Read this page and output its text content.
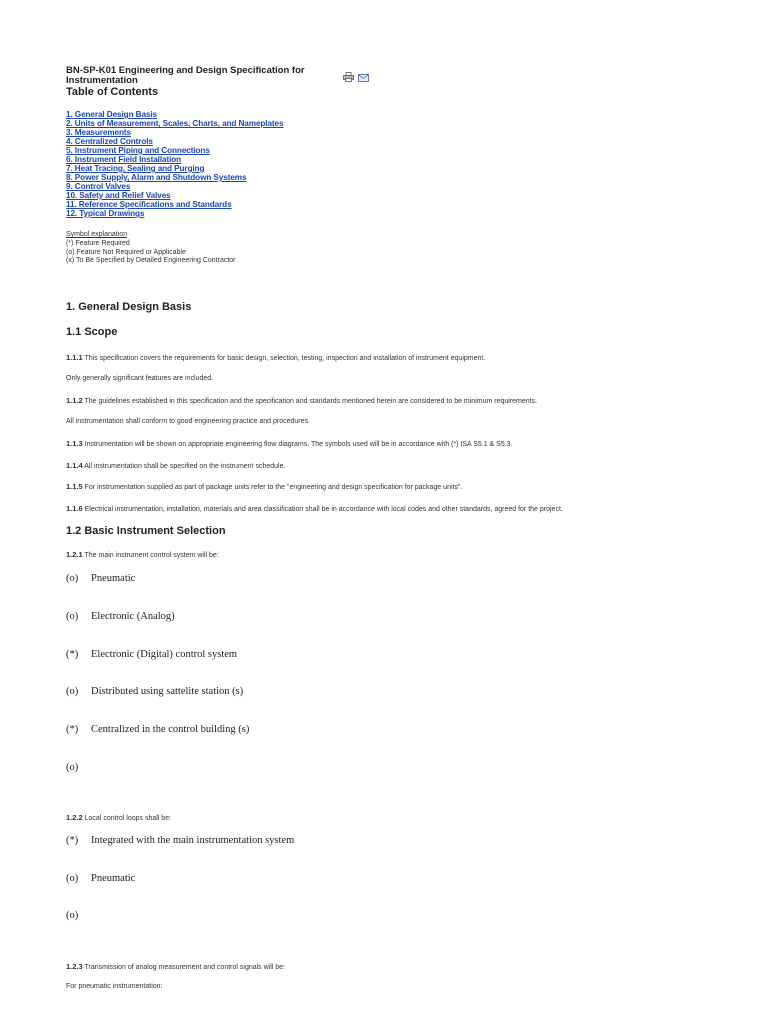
BN-SP-K01 Engineering and Design Specification for Instrumentation

Table of Contents
1. General Design Basis
2. Units of Measurement, Scales, Charts, and Nameplates
3. Measurements
4. Centralized Controls
5. Instrument Piping and Connections
6. Instrument Field Installation
7. Heat Tracing, Sealing and Purging
8. Power Supply, Alarm and Shutdown Systems
9. Control Valves
10. Safety and Relief Valves
11. Reference Specifications and Standards
12. Typical Drawings
Symbol explanation
(*) Feature Required
(o) Feature Not Required or Applicable
(x) To Be Specified by Detailed Engineering Contractor
1. General Design Basis
1.1 Scope
1.1.1 This specification covers the requirements for basic design, selection, testing, inspection and installation of instrument equipment.
Only generally significant features are included.
1.1.2 The guidelines established in this specification and the specification and standards mentioned herein are considered to be minimum requirements.
All instrumentation shall conform to good engineering practice and procedures.
1.1.3 Instrumentation will be shown on appropriate engineering flow diagrams. The symbols used will be in accordance with (*) ISA S5.1 & S5.3.
1.1.4 All instrumentation shall be specified on the instrument schedule.
1.1.5 For instrumentation supplied as part of package units refer to the "engineering and design specification for package units".
1.1.6 Electrical instrumentation, installation, materials and area classification shall be in accordance with local codes and other standards, agreed for the project.
1.2 Basic Instrument Selection
1.2.1 The main instrument control system will be:
(o) Pneumatic
(o) Electronic (Analog)
(*) Electronic (Digital) control system
(o) Distributed using sattelite station (s)
(*) Centralized in the control building (s)
(o)
1.2.2 Local control loops shall be:
(*) Integrated with the main instrumentation system
(o) Pneumatic
(o)
1.2.3 Transmission of analog measurement and control signals will be:
For pneumatic instrumentation:
